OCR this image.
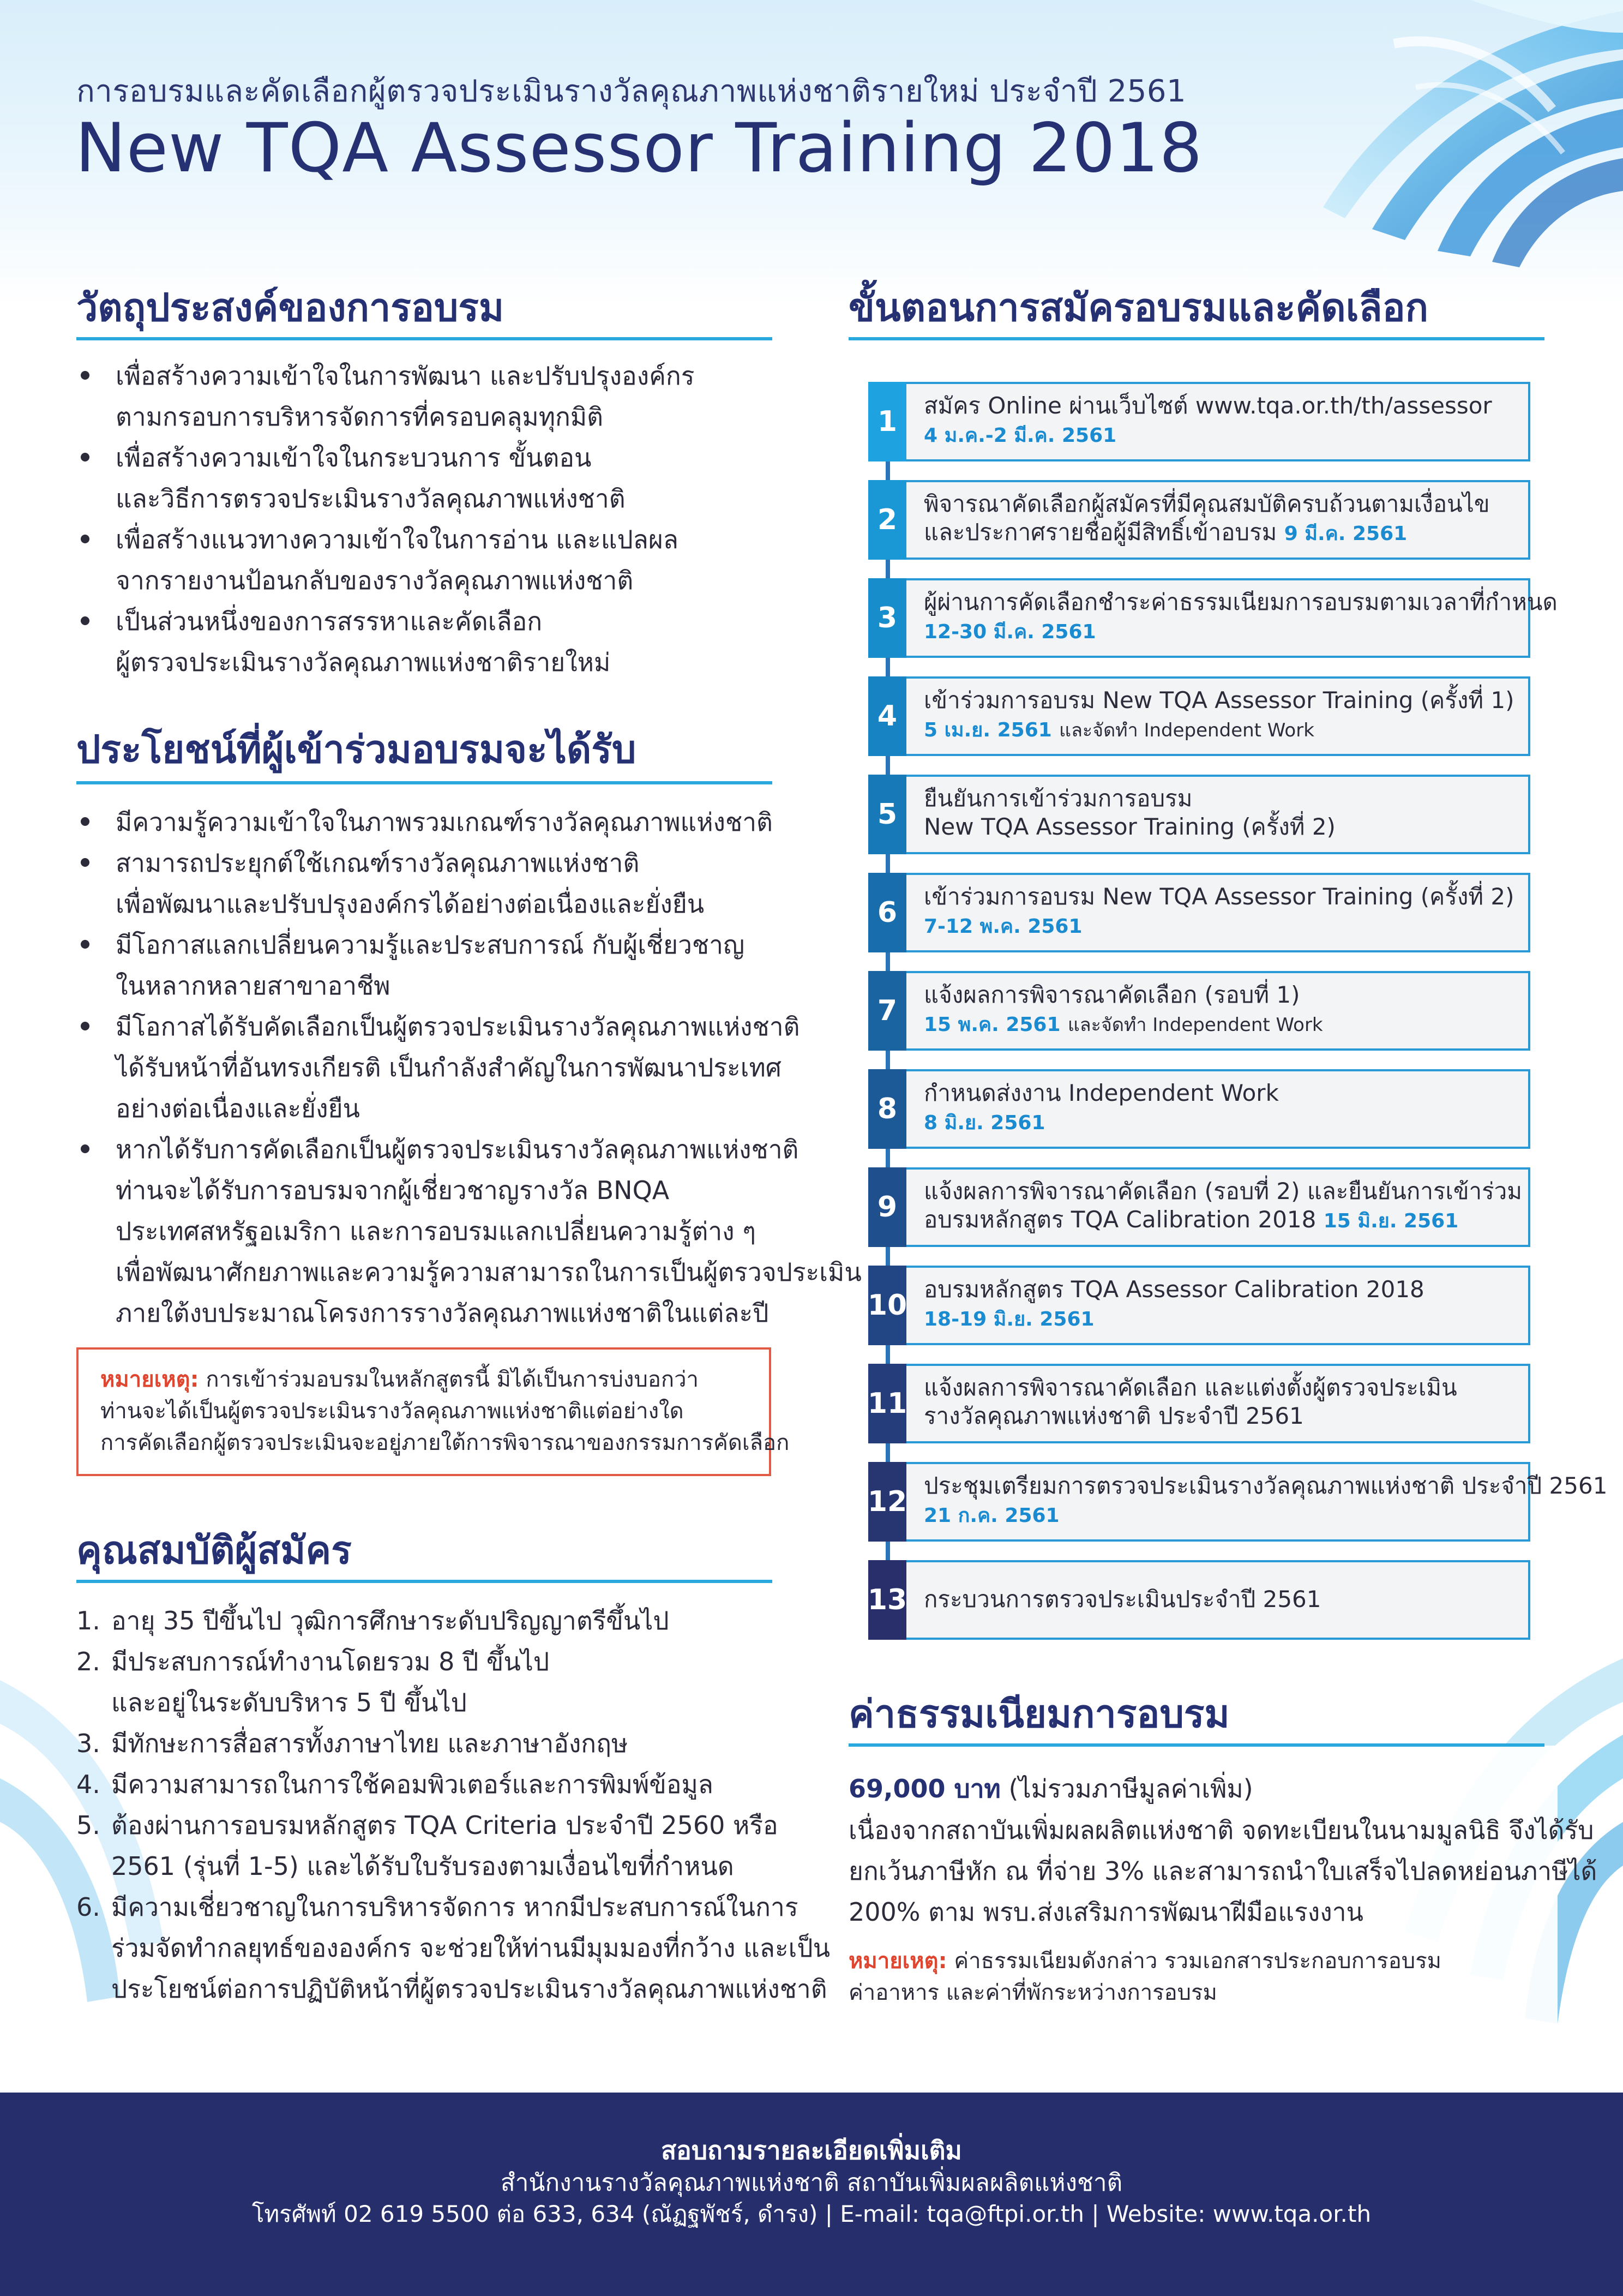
การอบรมและคัดเลือกผู้ตรวจประเมินรางวัลคุณภาพแห่งชาติรายใหม่ ประจำปี 2561
New TQA Assessor Training 2018
วัตถุประสงค์ของการอบรม
เพื่อสร้างความเข้าใจในการพัฒนา และปรับปรุงองค์กร
ตามกรอบการบริหารจัดการที่ครอบคลุมทุกมิติ
เพื่อสร้างความเข้าใจในกระบวนการ ขั้นตอน
และวิธีการตรวจประเมินรางวัลคุณภาพแห่งชาติ
เพื่อสร้างแนวทางความเข้าใจในการอ่าน และแปลผล
จากรายงานป้อนกลับของรางวัลคุณภาพแห่งชาติ
เป็นส่วนหนึ่งของการสรรหาและคัดเลือก
ผู้ตรวจประเมินรางวัลคุณภาพแห่งชาติรายใหม่
ประโยชน์ที่ผู้เข้าร่วมอบรมจะได้รับ
มีความรู้ความเข้าใจในภาพรวมเกณฑ์รางวัลคุณภาพแห่งชาติ
สามารถประยุกต์ใช้เกณฑ์รางวัลคุณภาพแห่งชาติ
เพื่อพัฒนาและปรับปรุงองค์กรได้อย่างต่อเนื่องและยั่งยืน
มีโอกาสแลกเปลี่ยนความรู้และประสบการณ์ กับผู้เชี่ยวชาญ
ในหลากหลายสาขาอาชีพ
มีโอกาสได้รับคัดเลือกเป็นผู้ตรวจประเมินรางวัลคุณภาพแห่งชาติ
ได้รับหน้าที่อันทรงเกียรติ เป็นกำลังสำคัญในการพัฒนาประเทศ
อย่างต่อเนื่องและยั่งยืน
หากได้รับการคัดเลือกเป็นผู้ตรวจประเมินรางวัลคุณภาพแห่งชาติ
ท่านจะได้รับการอบรมจากผู้เชี่ยวชาญรางวัล BNQA
ประเทศสหรัฐอเมริกา และการอบรมแลกเปลี่ยนความรู้ต่าง ๆ
เพื่อพัฒนาศักยภาพและความรู้ความสามารถในการเป็นผู้ตรวจประเมิน
ภายใต้งบประมาณโครงการรางวัลคุณภาพแห่งชาติในแต่ละปี
หมายเหตุ: การเข้าร่วมอบรมในหลักสูตรนี้ มิได้เป็นการบ่งบอกว่า
ท่านจะได้เป็นผู้ตรวจประเมินรางวัลคุณภาพแห่งชาติแต่อย่างใด
การคัดเลือกผู้ตรวจประเมินจะอยู่ภายใต้การพิจารณาของกรรมการคัดเลือก
คุณสมบัติผู้สมัคร
1. อายุ 35 ปีขึ้นไป วุฒิการศึกษาระดับปริญญาตรีขึ้นไป
2. มีประสบการณ์ทำงานโดยรวม 8 ปี ขึ้นไป
และอยู่ในระดับบริหาร 5 ปี ขึ้นไป
3. มีทักษะการสื่อสารทั้งภาษาไทย และภาษาอังกฤษ
4. มีความสามารถในการใช้คอมพิวเตอร์และการพิมพ์ข้อมูล
5. ต้องผ่านการอบรมหลักสูตร TQA Criteria ประจำปี 2560 หรือ
2561 (รุ่นที่ 1-5) และได้รับใบรับรองตามเงื่อนไขที่กำหนด
6. มีความเชี่ยวชาญในการบริหารจัดการ หากมีประสบการณ์ในการ
ร่วมจัดทำกลยุทธ์ขององค์กร จะช่วยให้ท่านมีมุมมองที่กว้าง และเป็น
ประโยชน์ต่อการปฏิบัติหน้าที่ผู้ตรวจประเมินรางวัลคุณภาพแห่งชาติ
ขั้นตอนการสมัครอบรมและคัดเลือก
1	สมัคร Online ผ่านเว็บไซต์ www.tqa.or.th/th/assessor
4 ม.ค.-2 มี.ค. 2561
2	พิจารณาคัดเลือกผู้สมัครที่มีคุณสมบัติครบถ้วนตามเงื่อนไข
และประกาศรายชื่อผู้มีสิทธิ์เข้าอบรม 9 มี.ค. 2561
3	ผู้ผ่านการคัดเลือกชำระค่าธรรมเนียมการอบรมตามเวลาที่กำหนด
12-30 มี.ค. 2561
4	เข้าร่วมการอบรม New TQA Assessor Training (ครั้งที่ 1)
5 เม.ย. 2561 และจัดทำ Independent Work
5	ยืนยันการเข้าร่วมการอบรม
New TQA Assessor Training (ครั้งที่ 2)
6	เข้าร่วมการอบรม New TQA Assessor Training (ครั้งที่ 2)
7-12 พ.ค. 2561
7	แจ้งผลการพิจารณาคัดเลือก (รอบที่ 1)
15 พ.ค. 2561 และจัดทำ Independent Work
8	กำหนดส่งงาน Independent Work
8 มิ.ย. 2561
9	แจ้งผลการพิจารณาคัดเลือก (รอบที่ 2) และยืนยันการเข้าร่วม
อบรมหลักสูตร TQA Calibration 2018 15 มิ.ย. 2561
10 อบรมหลักสูตร TQA Assessor Calibration 2018
18-19 มิ.ย. 2561
11 แจ้งผลการพิจารณาคัดเลือก และแต่งตั้งผู้ตรวจประเมิน
รางวัลคุณภาพแห่งชาติ ประจำปี 2561
12 ประชุมเตรียมการตรวจประเมินรางวัลคุณภาพแห่งชาติ ประจำปี 2561
21 ก.ค. 2561
13 กระบวนการตรวจประเมินประจำปี 2561
ค่าธรรมเนียมการอบรม
69,000 บาท (ไม่รวมภาษีมูลค่าเพิ่ม)
เนื่องจากสถาบันเพิ่มผลผลิตแห่งชาติ จดทะเบียนในนามมูลนิธิ จึงได้รับ
ยกเว้นภาษีหัก ณ ที่จ่าย 3% และสามารถนำใบเสร็จไปลดหย่อนภาษีได้
200% ตาม พรบ.ส่งเสริมการพัฒนาฝีมือแรงงาน
หมายเหตุ: ค่าธรรมเนียมดังกล่าว รวมเอกสารประกอบการอบรม
ค่าอาหาร และค่าที่พักระหว่างการอบรม
สอบถามรายละเอียดเพิ่มเติม
สำนักงานรางวัลคุณภาพแห่งชาติ สถาบันเพิ่มผลผลิตแห่งชาติ
โทรศัพท์ 02 619 5500 ต่อ 633, 634 (ณัฏฐพัชร์, ดำรง) | E-mail: tqa@ftpi.or.th | Website: www.tqa.or.th
